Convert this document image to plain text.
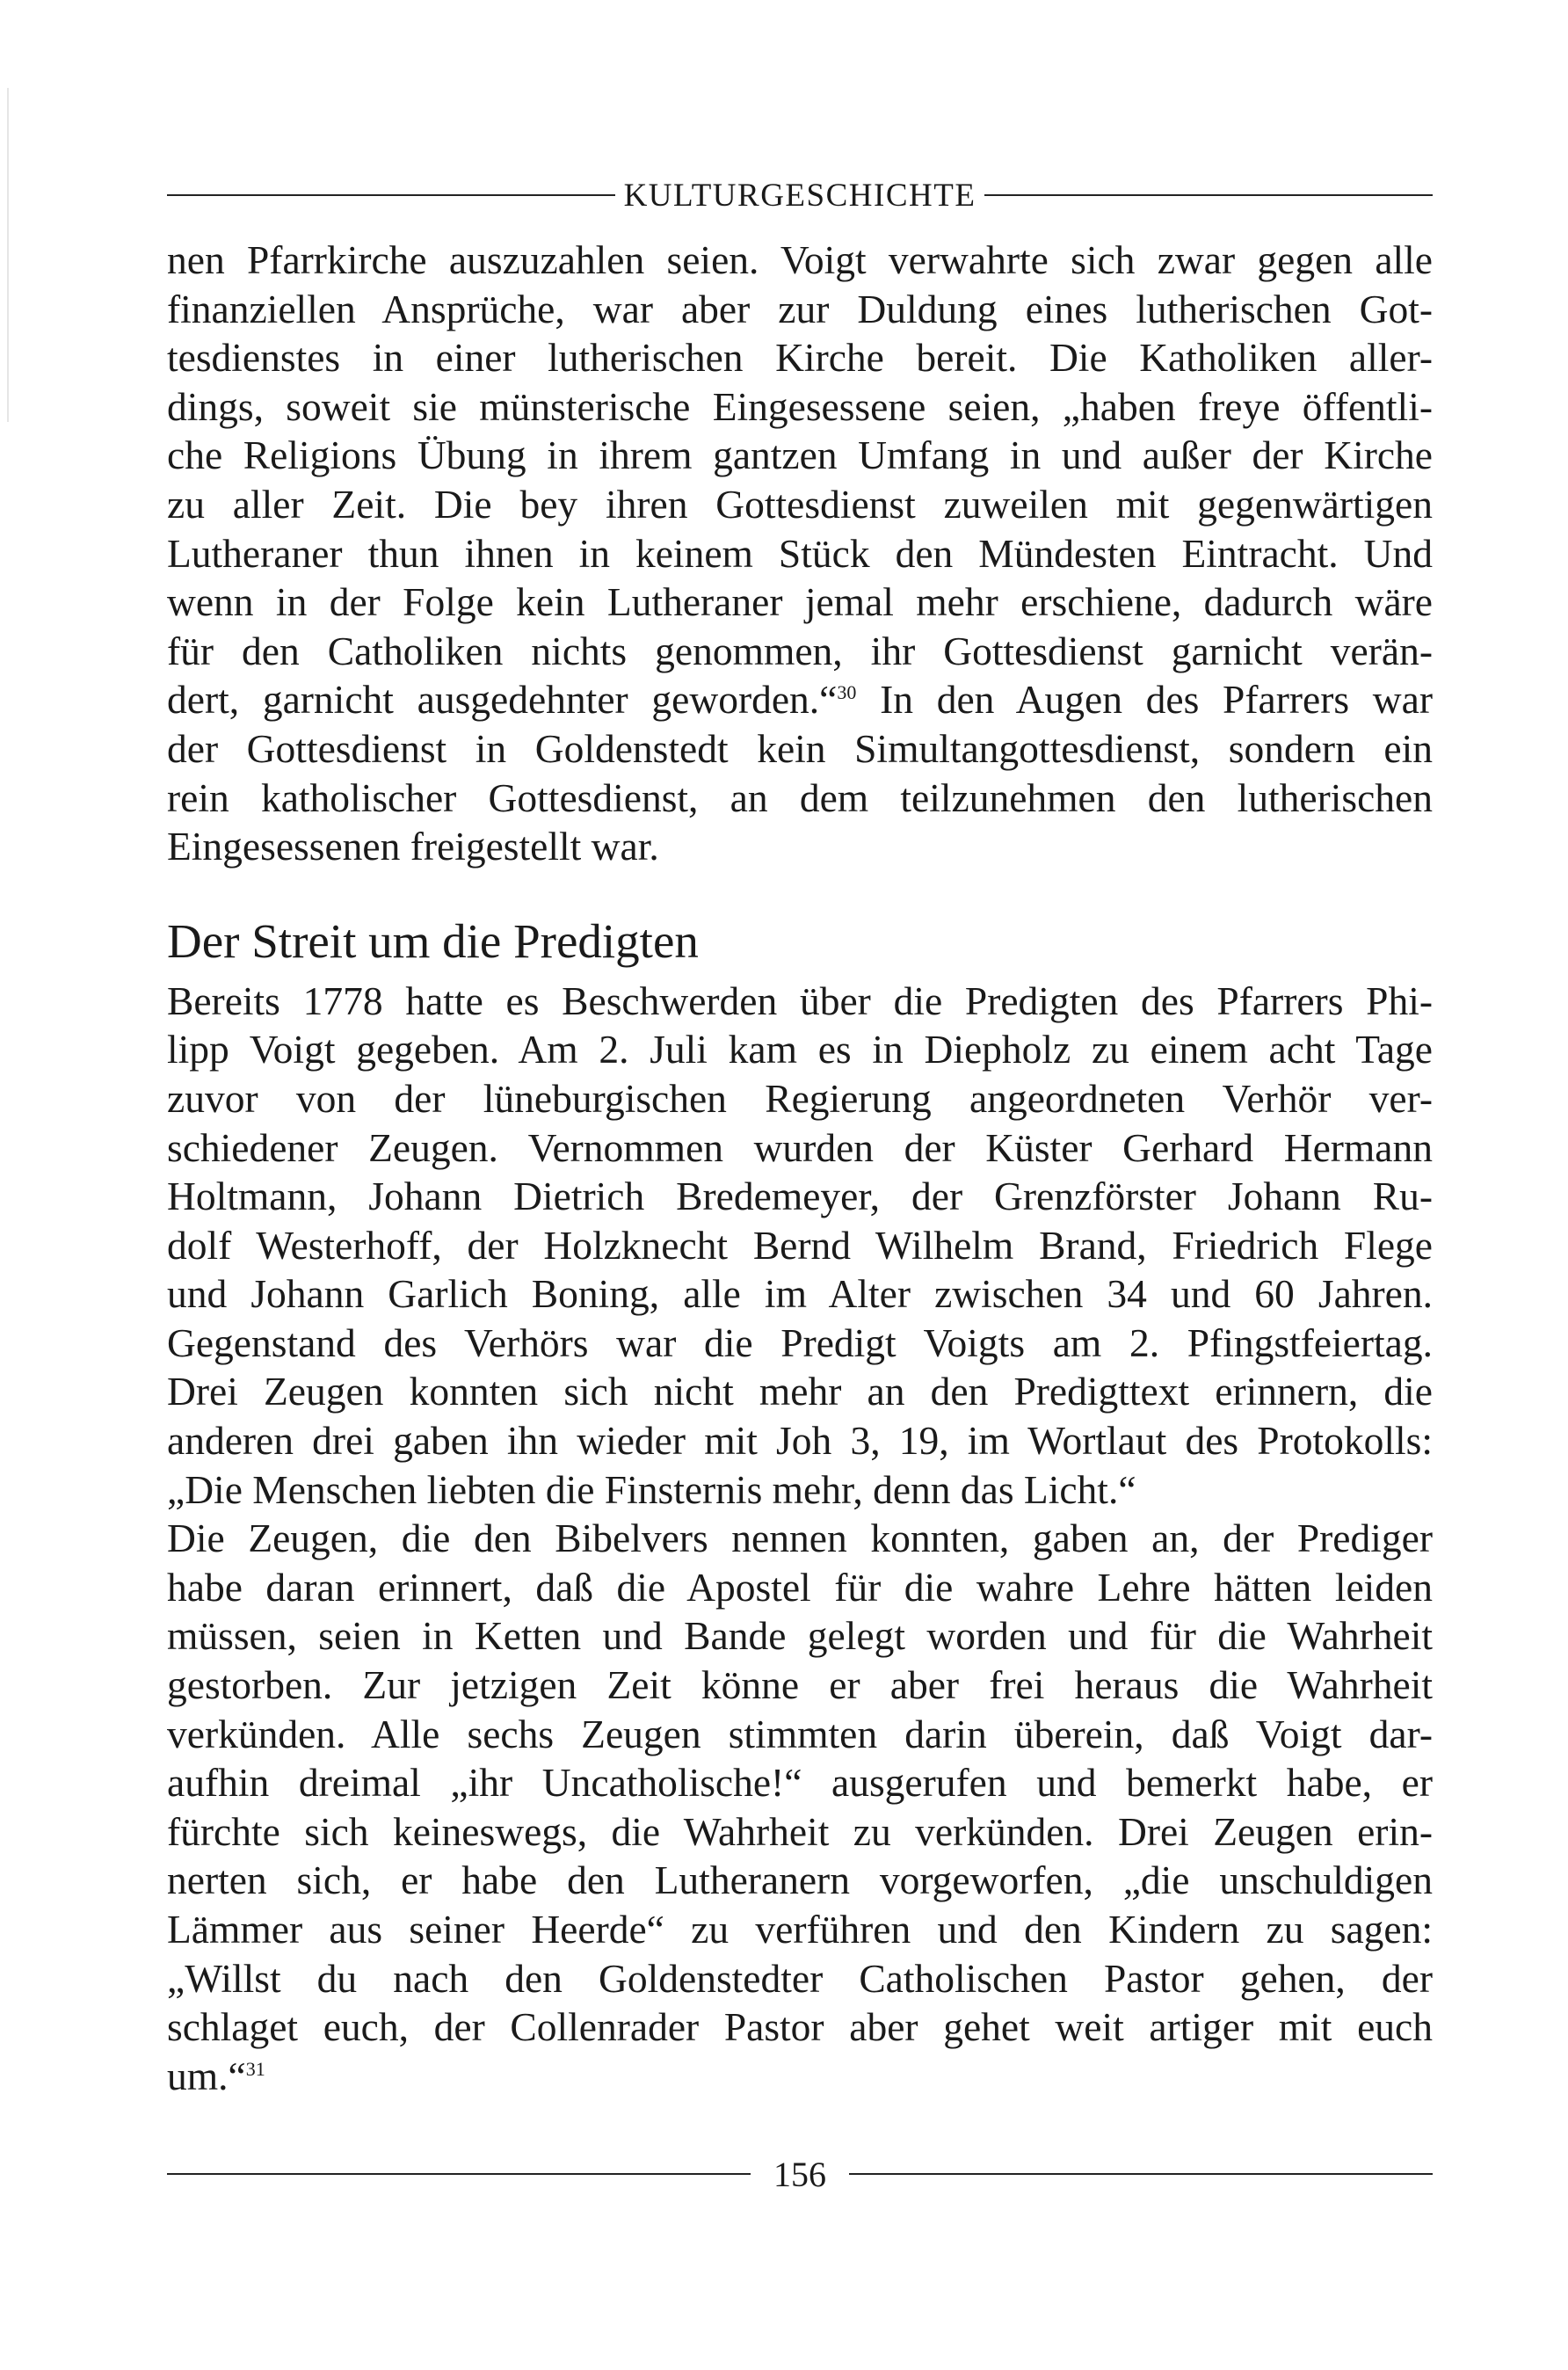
KULTURGESCHICHTE
nen Pfarrkirche auszuzahlen seien. Voigt verwahrte sich zwar gegen alle
finanziellen Ansprüche, war aber zur Duldung eines lutherischen Got-
tesdienstes in einer lutherischen Kirche bereit. Die Katholiken aller-
dings, soweit sie münsterische Eingesessene seien, „haben freye öffentli-
che Religions Übung in ihrem gantzen Umfang in und außer der Kirche
zu aller Zeit. Die bey ihren Gottesdienst zuweilen mit gegenwärtigen
Lutheraner thun ihnen in keinem Stück den Mündesten Eintracht. Und
wenn in der Folge kein Lutheraner jemal mehr erschiene, dadurch wäre
für den Catholiken nichts genommen, ihr Gottesdienst garnicht verän-
dert, garnicht ausgedehnter geworden.“$^{30}$ In den Augen des Pfarrers war
der Gottesdienst in Goldenstedt kein Simultangottesdienst, sondern ein
rein katholischer Gottesdienst, an dem teilzunehmen den lutherischen
Eingesessenen freigestellt war.
Der Streit um die Predigten
Bereits 1778 hatte es Beschwerden über die Predigten des Pfarrers Phi-
lipp Voigt gegeben. Am 2. Juli kam es in Diepholz zu einem acht Tage
zuvor von der lüneburgischen Regierung angeordneten Verhör ver-
schiedener Zeugen. Vernommen wurden der Küster Gerhard Hermann
Holtmann, Johann Dietrich Bredemeyer, der Grenzförster Johann Ru-
dolf Westerhoff, der Holzknecht Bernd Wilhelm Brand, Friedrich Flege
und Johann Garlich Boning, alle im Alter zwischen 34 und 60 Jahren.
Gegenstand des Verhörs war die Predigt Voigts am 2. Pfingstfeiertag.
Drei Zeugen konnten sich nicht mehr an den Predigttext erinnern, die
anderen drei gaben ihn wieder mit Joh 3, 19, im Wortlaut des Protokolls:
„Die Menschen liebten die Finsternis mehr, denn das Licht.“
Die Zeugen, die den Bibelvers nennen konnten, gaben an, der Prediger
habe daran erinnert, daß die Apostel für die wahre Lehre hätten leiden
müssen, seien in Ketten und Bande gelegt worden und für die Wahrheit
gestorben. Zur jetzigen Zeit könne er aber frei heraus die Wahrheit
verkünden. Alle sechs Zeugen stimmten darin überein, daß Voigt dar-
aufhin dreimal „ihr Uncatholische!“ ausgerufen und bemerkt habe, er
fürchte sich keineswegs, die Wahrheit zu verkünden. Drei Zeugen erin-
nerten sich, er habe den Lutheranern vorgeworfen, „die unschuldigen
Lämmer aus seiner Heerde“ zu verführen und den Kindern zu sagen:
„Willst du nach den Goldenstedter Catholischen Pastor gehen, der
schlaget euch, der Collenrader Pastor aber gehet weit artiger mit euch
um.“$^{31}$
156
